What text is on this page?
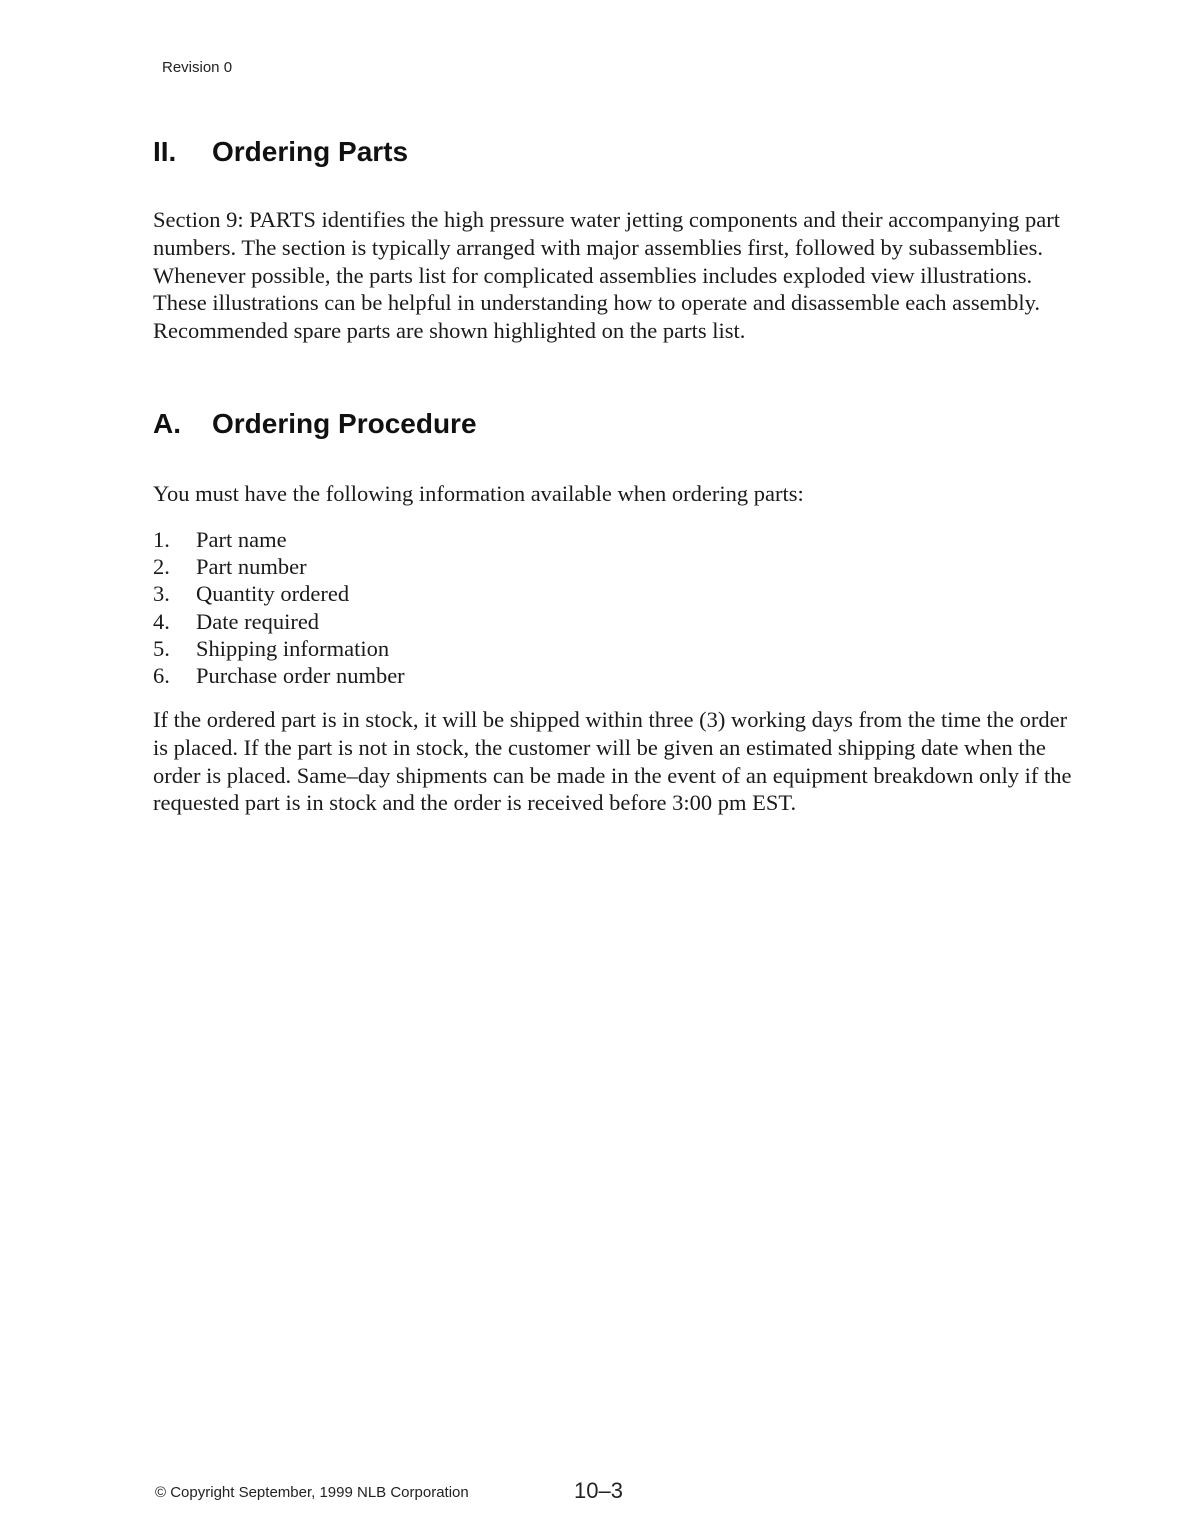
Revision 0
II.	Ordering Parts

Section 9: PARTS identifies the high pressure water jetting components and their accompanying part numbers. The section is typically arranged with major assemblies first, followed by subassemblies. Whenever possible, the parts list for complicated assemblies includes exploded view illustrations. These illustrations can be helpful in understanding how to operate and disassemble each assembly. Recommended spare parts are shown highlighted on the parts list.

A.	Ordering Procedure

You must have the following information available when ordering parts:

1.	Part name
2.	Part number
3.	Quantity ordered
4.	Date required
5.	Shipping information
6.	Purchase order number

If the ordered part is in stock, it will be shipped within three (3) working days from the time the order is placed. If the part is not in stock, the customer will be given an estimated shipping date when the order is placed. Same–day shipments can be made in the event of an equipment breakdown only if the requested part is in stock and the order is received before 3:00 pm EST.

© Copyright September, 1999 NLB Corporation	10–3
